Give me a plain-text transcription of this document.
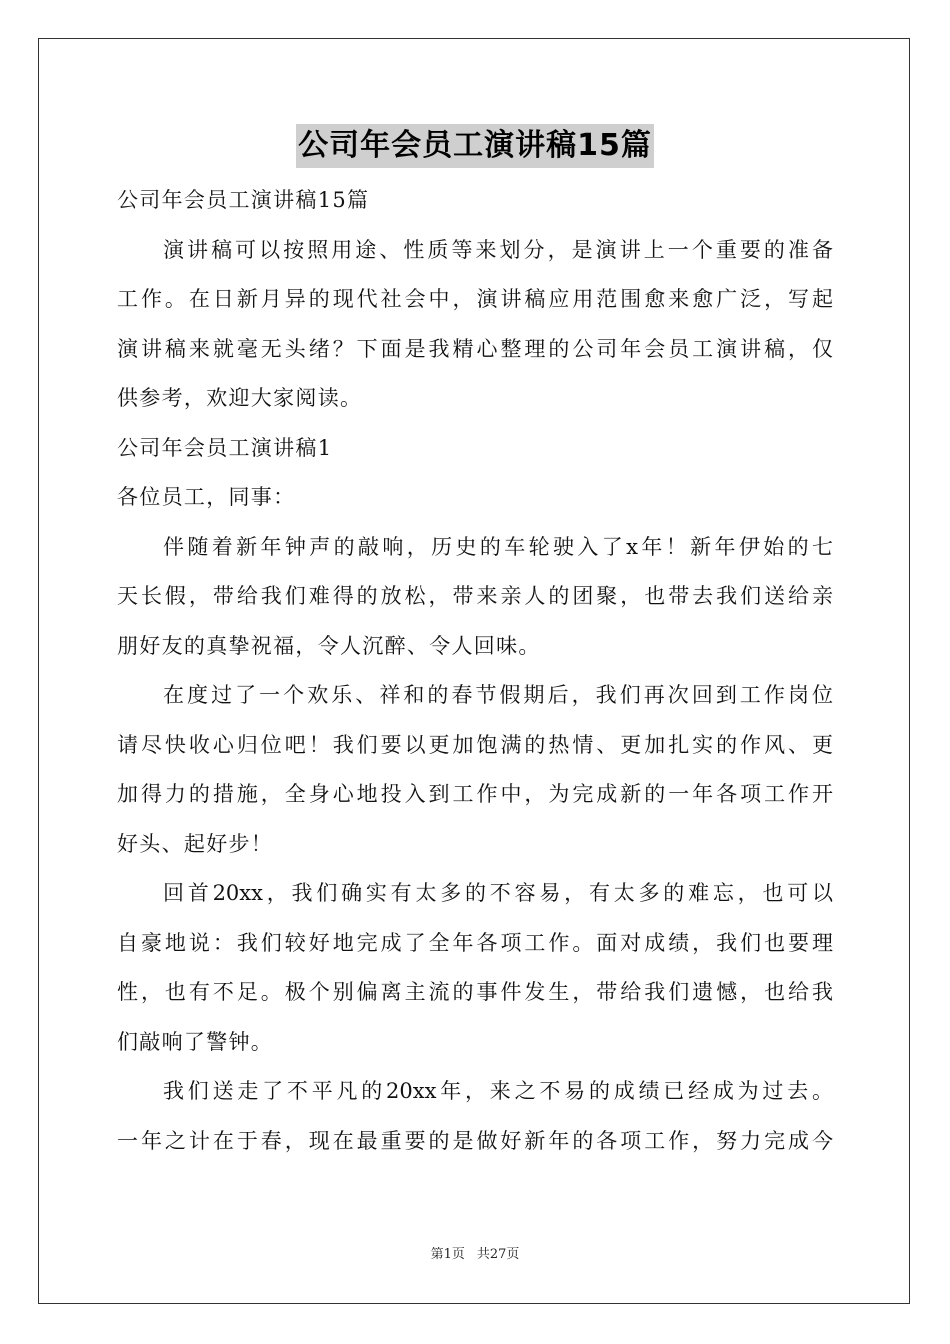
公司年会员工演讲稿15篇
公司年会员工演讲稿15篇
演讲稿可以按照用途、性质等来划分，是演讲上一个重要的准备
工作。在日新月异的现代社会中，演讲稿应用范围愈来愈广泛，写起
演讲稿来就毫无头绪？下面是我精心整理的公司年会员工演讲稿，仅
供参考，欢迎大家阅读。
公司年会员工演讲稿1
各位员工，同事：
伴随着新年钟声的敲响，历史的车轮驶入了x年！新年伊始的七
天长假，带给我们难得的放松，带来亲人的团聚，也带去我们送给亲
朋好友的真挚祝福，令人沉醉、令人回味。
在度过了一个欢乐、祥和的春节假期后，我们再次回到工作岗位
请尽快收心归位吧！我们要以更加饱满的热情、更加扎实的作风、更
加得力的措施，全身心地投入到工作中，为完成新的一年各项工作开
好头、起好步！
回首20xx，我们确实有太多的不容易，有太多的难忘，也可以
自豪地说：我们较好地完成了全年各项工作。面对成绩，我们也要理
性，也有不足。极个别偏离主流的事件发生，带给我们遗憾，也给我
们敲响了警钟。
我们送走了不平凡的20xx年，来之不易的成绩已经成为过去。
一年之计在于春，现在最重要的是做好新年的各项工作，努力完成今
第1页 共27页
